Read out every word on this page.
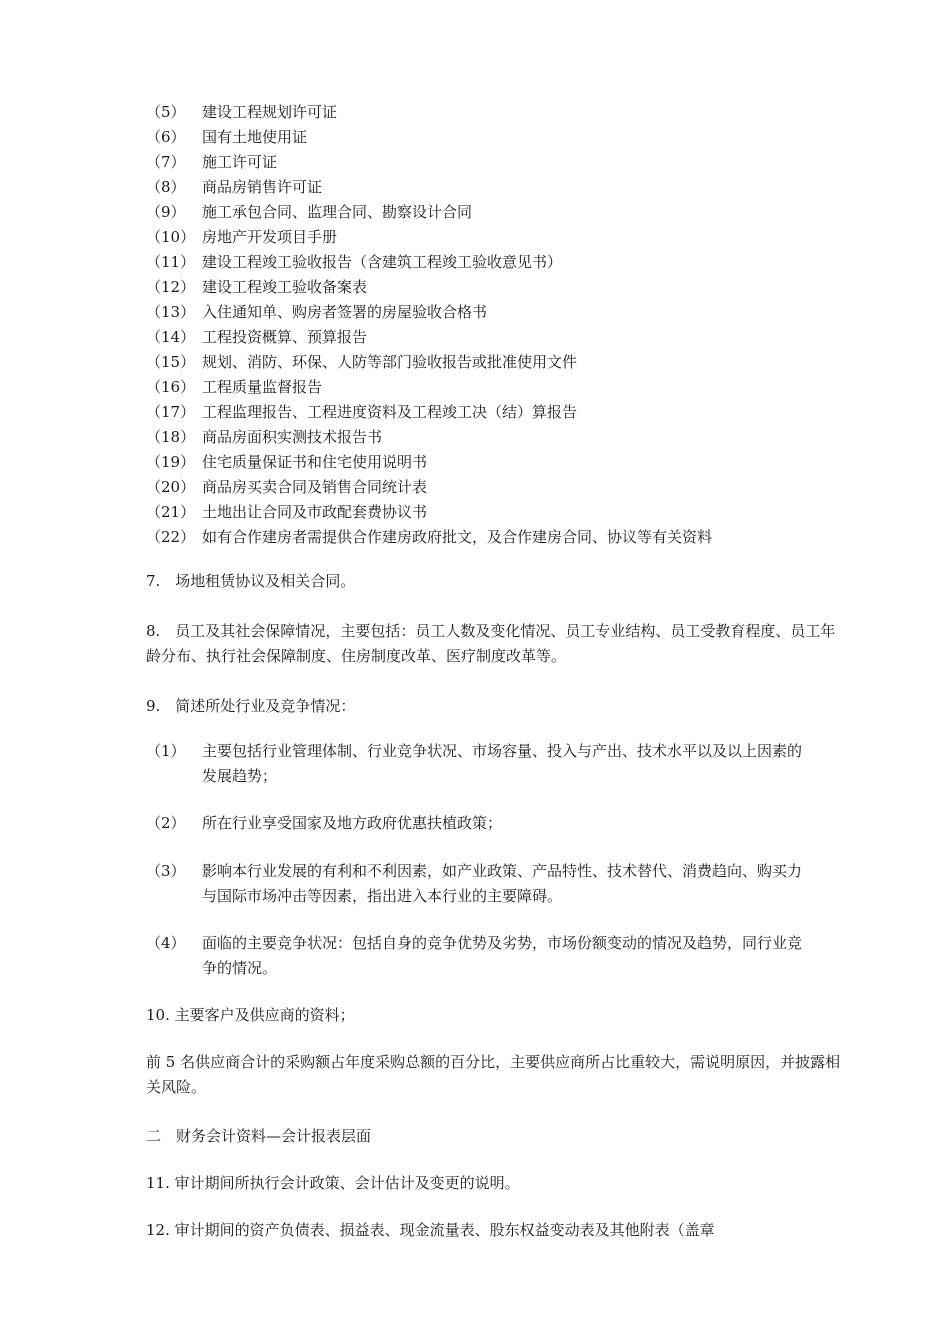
（5） 建设工程规划许可证
（6） 国有土地使用证
（7） 施工许可证
（8） 商品房销售许可证
（9） 施工承包合同、监理合同、勘察设计合同
（10） 房地产开发项目手册
（11） 建设工程竣工验收报告（含建筑工程竣工验收意见书）
（12） 建设工程竣工验收备案表
（13） 入住通知单、购房者签署的房屋验收合格书
（14） 工程投资概算、预算报告
（15） 规划、消防、环保、人防等部门验收报告或批准使用文件
（16） 工程质量监督报告
（17） 工程监理报告、工程进度资料及工程竣工决（结）算报告
（18） 商品房面积实测技术报告书
（19） 住宅质量保证书和住宅使用说明书
（20） 商品房买卖合同及销售合同统计表
（21） 土地出让合同及市政配套费协议书
（22） 如有合作建房者需提供合作建房政府批文，及合作建房合同、协议等有关资料
7.　场地租赁协议及相关合同。
8.　员工及其社会保障情况，主要包括：员工人数及变化情况、员工专业结构、员工受教育程度、员工年龄分布、执行社会保障制度、住房制度改革、医疗制度改革等。
9.　简述所处行业及竞争情况：
（1） 主要包括行业管理体制、行业竞争状况、市场容量、投入与产出、技术水平以及以上因素的发展趋势；
（2） 所在行业享受国家及地方政府优惠扶植政策；
（3） 影响本行业发展的有利和不利因素，如产业政策、产品特性、技术替代、消费趋向、购买力与国际市场冲击等因素，指出进入本行业的主要障碍。
（4） 面临的主要竞争状况：包括自身的竞争优势及劣势，市场份额变动的情况及趋势，同行业竞争的情况。
10. 主要客户及供应商的资料；
前 5 名供应商合计的采购额占年度采购总额的百分比，主要供应商所占比重较大，需说明原因，并披露相关风险。
二　财务会计资料—会计报表层面
11. 审计期间所执行会计政策、会计估计及变更的说明。
12. 审计期间的资产负债表、损益表、现金流量表、股东权益变动表及其他附表（盖章
